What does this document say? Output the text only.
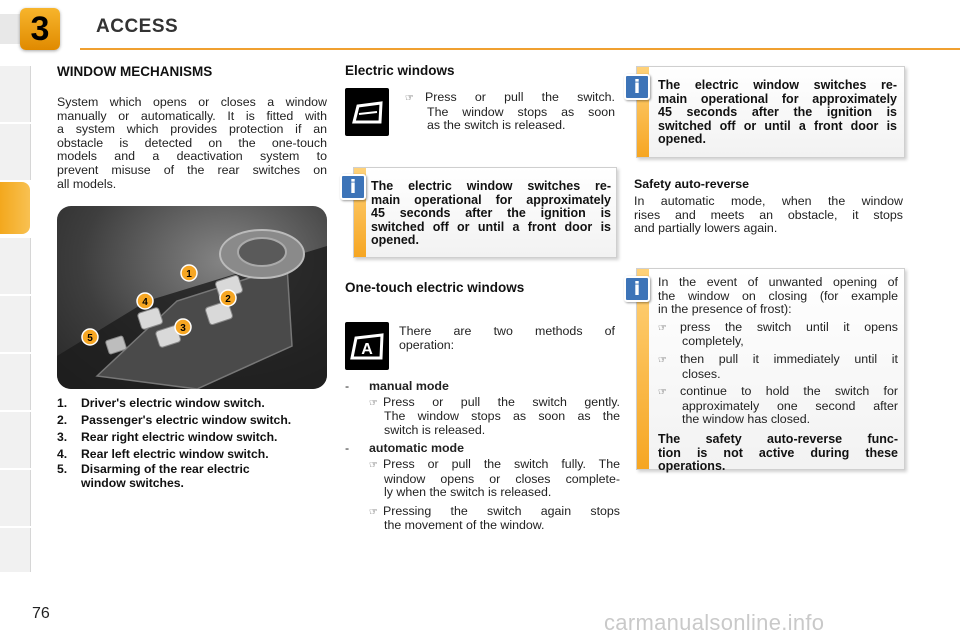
3	ACCESS
WINDOW MECHANISMS
System which opens or closes a window
manually or automatically. It is fitted with
a system which provides protection if an
obstacle is detected on the one-touch
models and a deactivation system to
prevent misuse of the rear switches on
all models.
1
2
3
4
5
1. Driver's electric window switch.
2. Passenger's electric window switch.
3. Rear right electric window switch.
4. Rear left electric window switch.
5. Disarming of the rear electric
window switches.
Electric windows
☞ Press or pull the switch.
The window stops as soon
as the switch is released.
The electric window switches re-
main operational for approximately
45 seconds after the ignition is
switched off or until a front door is
opened.
i
One-touch electric windows
A
There are two methods of
operation:
- manual mode
☞ Press or pull the switch gently.
The window stops as soon as the
switch is released.
- automatic mode
☞ Press or pull the switch fully. The
window opens or closes complete-
ly when the switch is released.
☞ Pressing the switch again stops
the movement of the window.
The electric window switches re-
main operational for approximately
45 seconds after the ignition is
switched off or until a front door is
opened.
i
Safety auto-reverse
In automatic mode, when the window
rises and meets an obstacle, it stops
and partially lowers again.
In the event of unwanted opening of
the window on closing (for example
in the presence of frost):
☞ press the switch until it opens
completely,
☞ then pull it immediately until it
closes.
☞ continue to hold the switch for
approximately one second after
the window has closed.
The safety auto-reverse func-
tion is not active during these
operations.
i
76	carmanualsonline.info
